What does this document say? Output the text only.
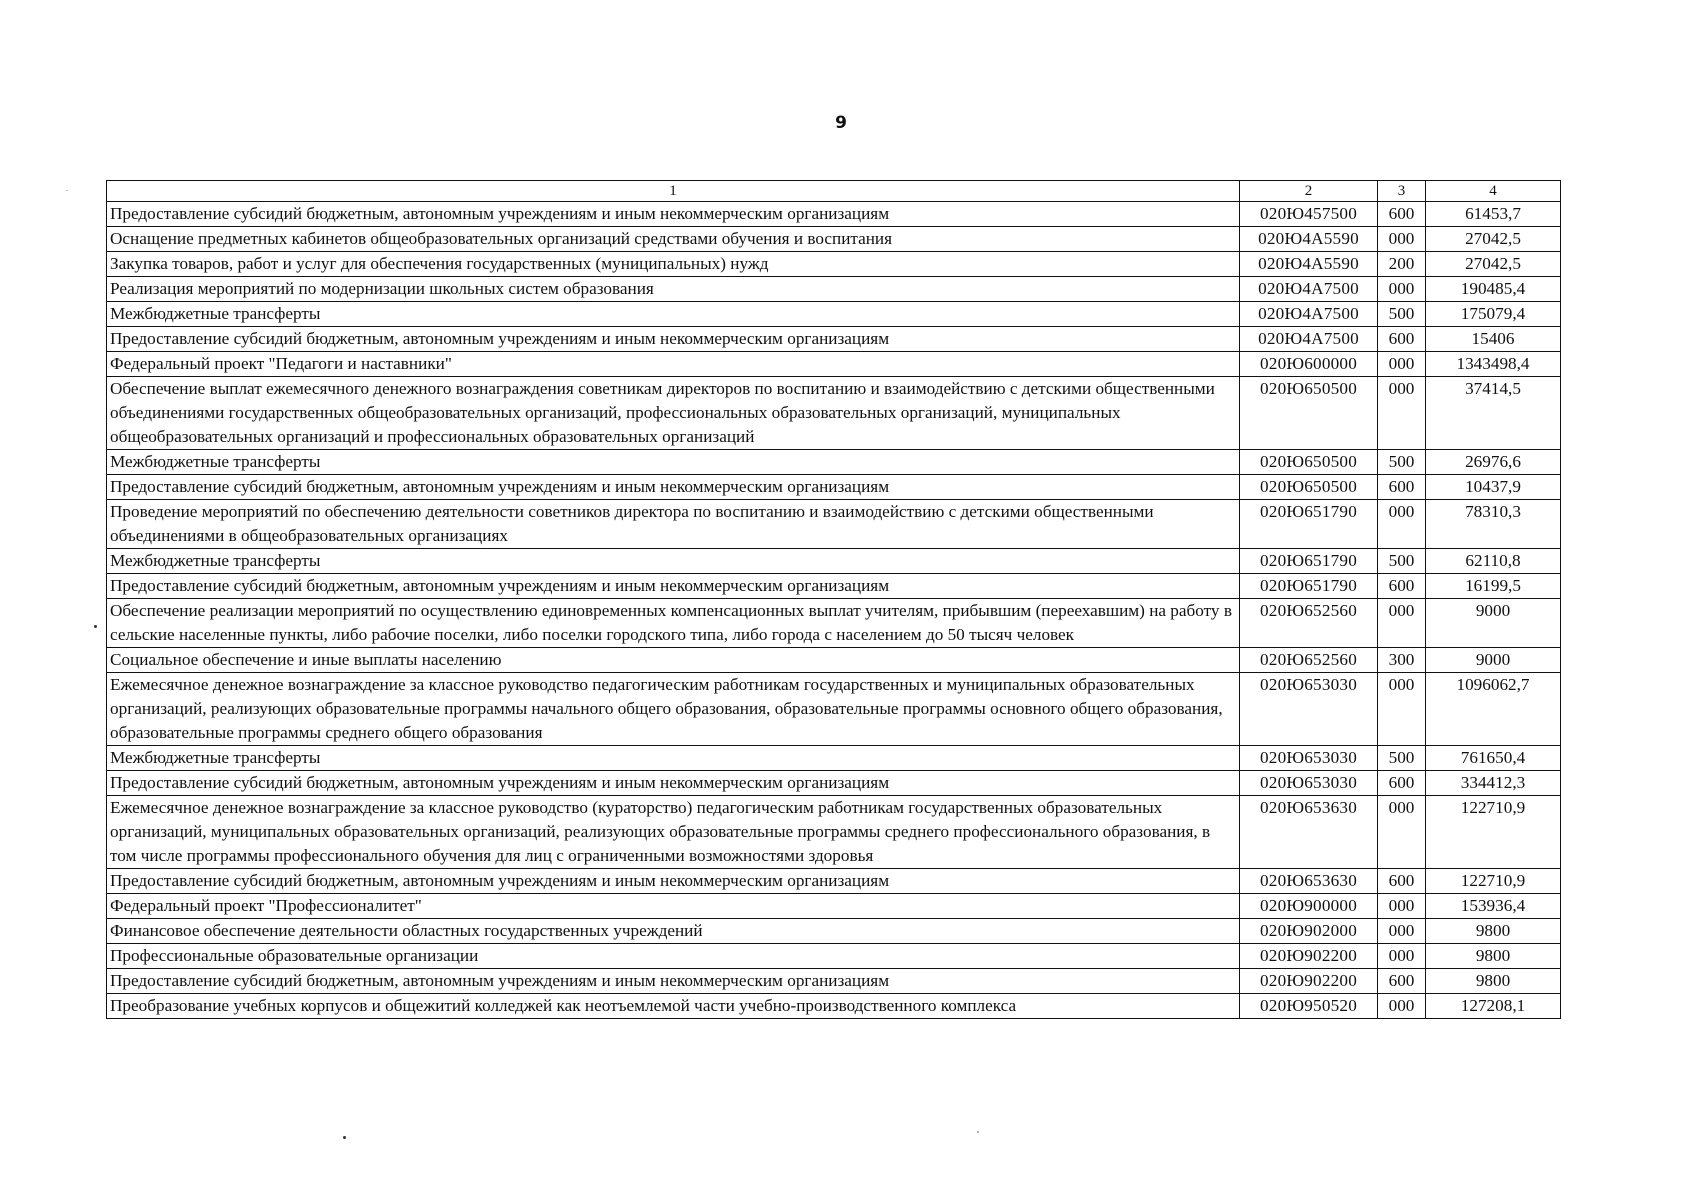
9
1	2	3	4
Предоставление субсидий бюджетным, автономным учреждениям и иным некоммерческим организациям	020Ю457500	600	61453,7
Оснащение предметных кабинетов общеобразовательных организаций средствами обучения и воспитания	020Ю4А5590	000	27042,5
Закупка товаров, работ и услуг для обеспечения государственных (муниципальных) нужд	020Ю4А5590	200	27042,5
Реализация мероприятий по модернизации школьных систем образования	020Ю4А7500	000	190485,4
Межбюджетные трансферты	020Ю4А7500	500	175079,4
Предоставление субсидий бюджетным, автономным учреждениям и иным некоммерческим организациям	020Ю4А7500	600	15406
Федеральный проект "Педагоги и наставники"	020Ю600000	000	1343498,4
Обеспечение выплат ежемесячного денежного вознаграждения советникам директоров по воспитанию и взаимодействию с детскими общественными объединениями государственных общеобразовательных организаций, профессиональных образовательных организаций, муниципальных общеобразовательных организаций и профессиональных образовательных организаций	020Ю650500	000	37414,5
Межбюджетные трансферты	020Ю650500	500	26976,6
Предоставление субсидий бюджетным, автономным учреждениям и иным некоммерческим организациям	020Ю650500	600	10437,9
Проведение мероприятий по обеспечению деятельности советников директора по воспитанию и взаимодействию с детскими общественными объединениями в общеобразовательных организациях	020Ю651790	000	78310,3
Межбюджетные трансферты	020Ю651790	500	62110,8
Предоставление субсидий бюджетным, автономным учреждениям и иным некоммерческим организациям	020Ю651790	600	16199,5
Обеспечение реализации мероприятий по осуществлению единовременных компенсационных выплат учителям, прибывшим (переехавшим) на работу в сельские населенные пункты, либо рабочие поселки, либо поселки городского типа, либо города с населением до 50 тысяч человек	020Ю652560	000	9000
Социальное обеспечение и иные выплаты населению	020Ю652560	300	9000
Ежемесячное денежное вознаграждение за классное руководство педагогическим работникам государственных и муниципальных образовательных организаций, реализующих образовательные программы начального общего образования, образовательные программы основного общего образования, образовательные программы среднего общего образования	020Ю653030	000	1096062,7
Межбюджетные трансферты	020Ю653030	500	761650,4
Предоставление субсидий бюджетным, автономным учреждениям и иным некоммерческим организациям	020Ю653030	600	334412,3
Ежемесячное денежное вознаграждение за классное руководство (кураторство) педагогическим работникам государственных образовательных организаций, муниципальных образовательных организаций, реализующих образовательные программы среднего профессионального образования, в том числе программы профессионального обучения для лиц с ограниченными возможностями здоровья	020Ю653630	000	122710,9
Предоставление субсидий бюджетным, автономным учреждениям и иным некоммерческим организациям	020Ю653630	600	122710,9
Федеральный проект "Профессионалитет"	020Ю900000	000	153936,4
Финансовое обеспечение деятельности областных государственных учреждений	020Ю902000	000	9800
Профессиональные образовательные организации	020Ю902200	000	9800
Предоставление субсидий бюджетным, автономным учреждениям и иным некоммерческим организациям	020Ю902200	600	9800
Преобразование учебных корпусов и общежитий колледжей как неотъемлемой части учебно-производственного комплекса	020Ю950520	000	127208,1
